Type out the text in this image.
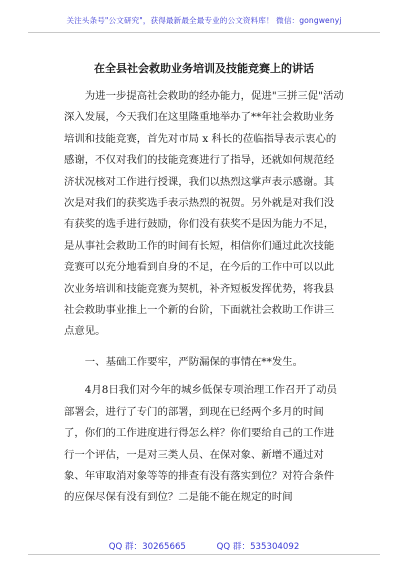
关注头条号"公文研究"，获得最新最全最专业的公文资料库！ 微信：gongwenyj
在全县社会救助业务培训及技能竞赛上的讲话

为进一步提高社会救助的经办能力，促进"三拼三促"活动深入发展，今天我们在这里隆重地举办了**年社会救助业务培训和技能竞赛，首先对市局 x 科长的莅临指导表示衷心的感谢，不仅对我们的技能竞赛进行了指导，还就如何规范经济状况核对工作进行授课，我们以热烈这掌声表示感谢。其次是对我们的获奖选手表示热烈的祝贺。另外就是对我们没有获奖的选手进行鼓励，你们没有获奖不是因为能力不足，是从事社会救助工作的时间有长短，相信你们通过此次技能竞赛可以充分地看到自身的不足，在今后的工作中可以以此次业务培训和技能竞赛为契机，补齐短板发挥优势，将我县社会救助事业推上一个新的台阶，下面就社会救助工作讲三点意见。

一、基础工作要牢，严防漏保的事情在**发生。

4月8日我们对今年的城乡低保专项治理工作召开了动员部署会，进行了专门的部署，到现在已经两个多月的时间了，你们的工作进度进行得怎么样？你们要给自己的工作进行一个评估，一是对三类人员、在保对象、新增不通过对象、年审取消对象等等的排查有没有落实到位？对符合条件的应保尽保有没有到位？二是能不能在规定的时间

QQ 群：30265665	QQ 群：535304092
